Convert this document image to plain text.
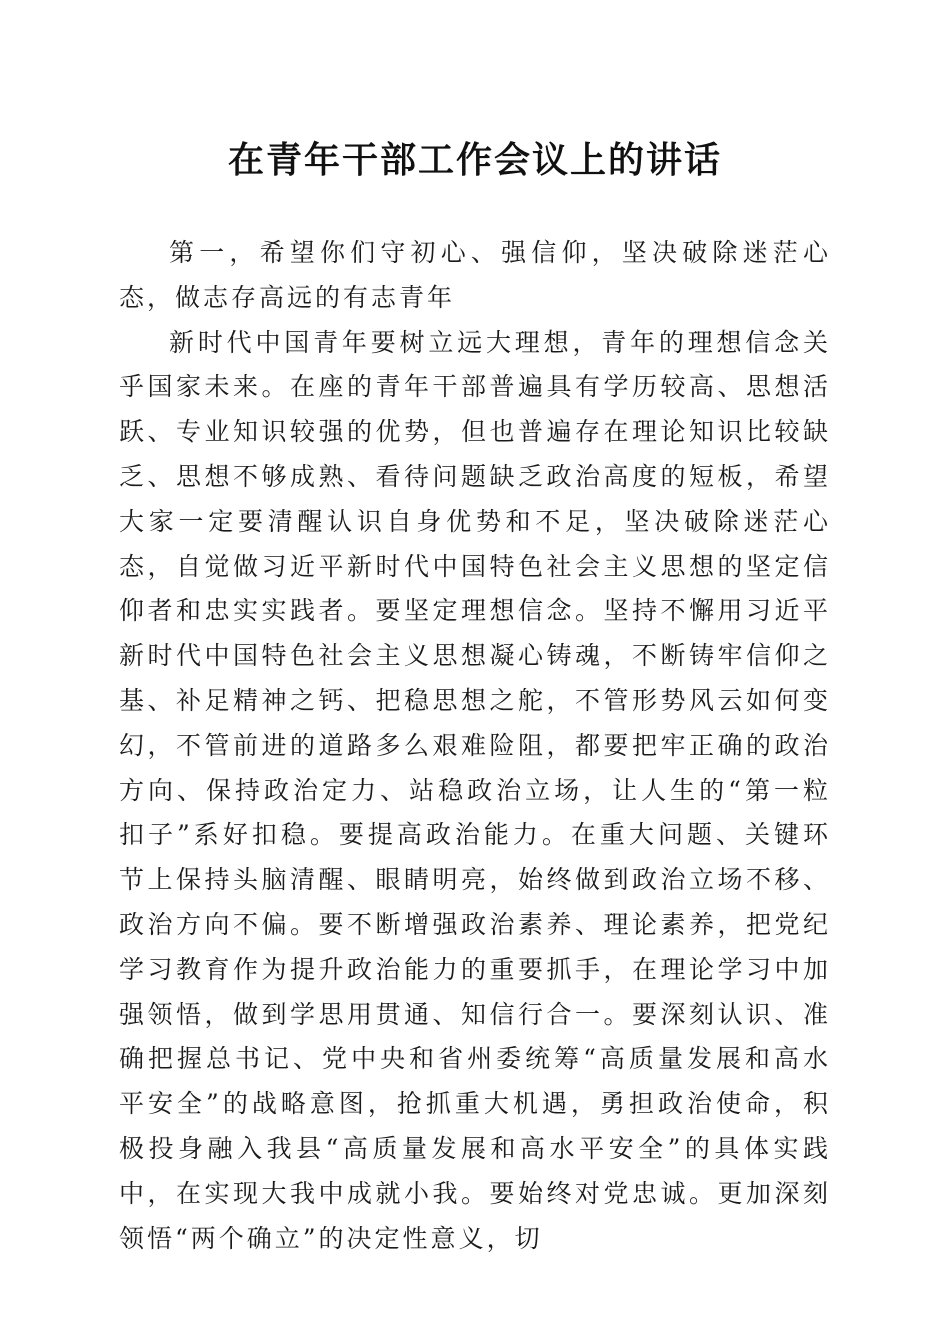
在青年干部工作会议上的讲话

第一，希望你们守初心、强信仰，坚决破除迷茫心态，做志存高远的有志青年

新时代中国青年要树立远大理想，青年的理想信念关乎国家未来。在座的青年干部普遍具有学历较高、思想活跃、专业知识较强的优势，但也普遍存在理论知识比较缺乏、思想不够成熟、看待问题缺乏政治高度的短板，希望大家一定要清醒认识自身优势和不足，坚决破除迷茫心态，自觉做习近平新时代中国特色社会主义思想的坚定信仰者和忠实实践者。要坚定理想信念。坚持不懈用习近平新时代中国特色社会主义思想凝心铸魂，不断铸牢信仰之基、补足精神之钙、把稳思想之舵，不管形势风云如何变幻，不管前进的道路多么艰难险阻，都要把牢正确的政治方向、保持政治定力、站稳政治立场，让人生的“第一粒扣子”系好扣稳。要提高政治能力。在重大问题、关键环节上保持头脑清醒、眼睛明亮，始终做到政治立场不移、政治方向不偏。要不断增强政治素养、理论素养，把党纪学习教育作为提升政治能力的重要抓手，在理论学习中加强领悟，做到学思用贯通、知信行合一。要深刻认识、准确把握总书记、党中央和省州委统筹“高质量发展和高水平安全”的战略意图，抢抓重大机遇，勇担政治使命，积极投身融入我县“高质量发展和高水平安全”的具体实践中，在实现大我中成就小我。要始终对党忠诚。更加深刻领悟“两个确立”的决定性意义，切
